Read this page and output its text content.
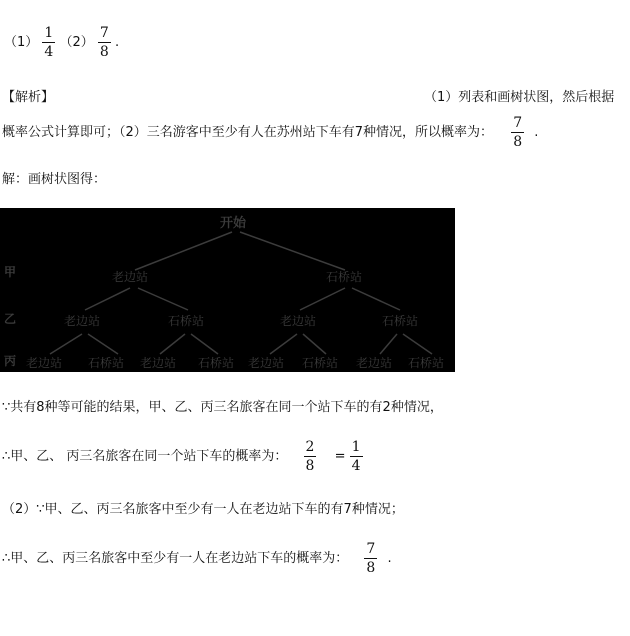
$(1) \frac{1}{4} (2) \frac{7}{8}$ .
【解析】	（1）列表和画树状图，然后根据
概率公式计算即可；（2）三名游客中至少有人在苏州站下车有7种情况，所以概率为： $\frac{7}{8}$ .
解：画树状图得：
开始
甲
乙
丙
老边站	石桥站
老边站	石桥站	老边站	石桥站
老边站 石桥站 老边站 石桥站 老边站 石桥站 老边站 石桥站
∵共有8种等可能的结果，甲、乙、丙三名旅客在同一个站下车的有2种情况，
∴甲、乙、 丙三名旅客在同一个站下车的概率为： $\frac{2}{8} = \frac{1}{4}$
（2）∵甲、乙、丙三名旅客中至少有一人在老边站下车的有7种情况；
∴甲、乙、丙三名旅客中至少有一人在老边站下车的概率为： $\frac{7}{8}$ .
